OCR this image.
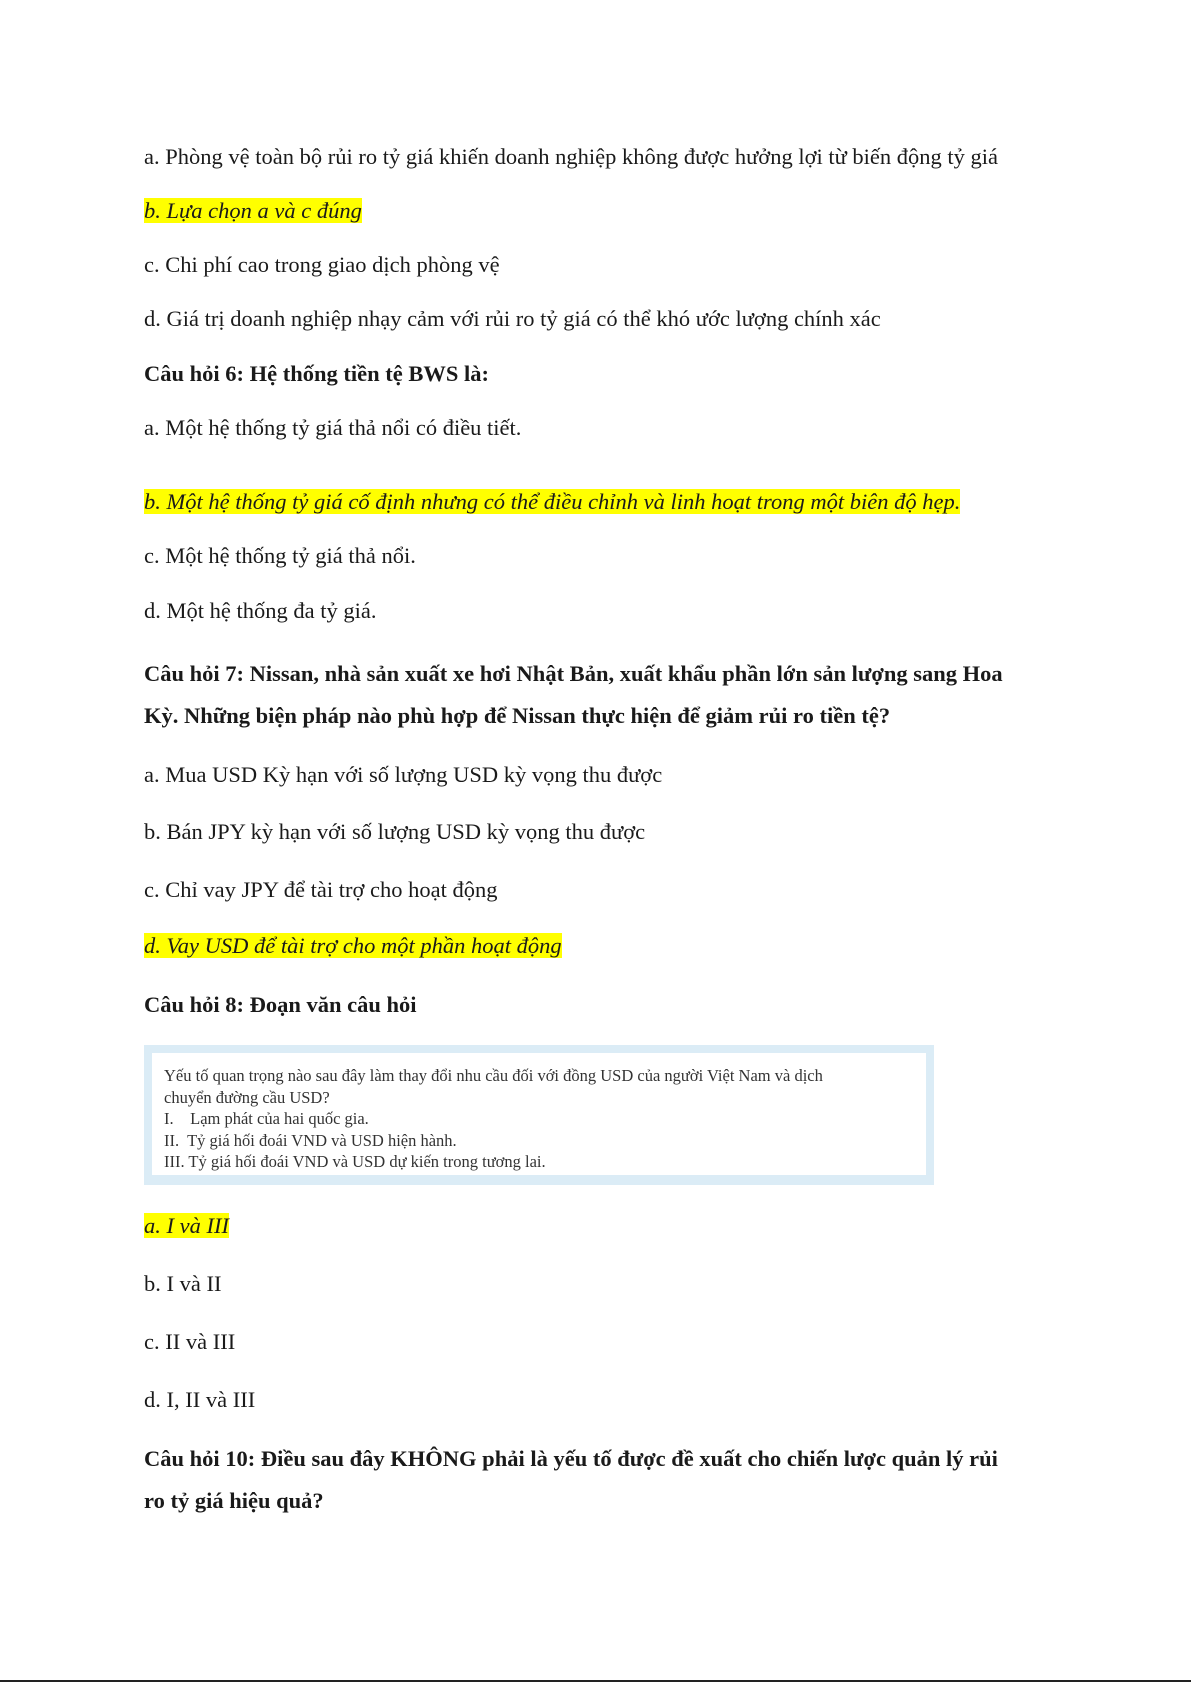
a. Phòng vệ toàn bộ rủi ro tỷ giá khiến doanh nghiệp không được hưởng lợi từ biến động tỷ giá
b. Lựa chọn a và c đúng
c. Chi phí cao trong giao dịch phòng vệ
d. Giá trị doanh nghiệp nhạy cảm với rủi ro tỷ giá có thể khó ước lượng chính xác
Câu hỏi 6: Hệ thống tiền tệ BWS là:
a. Một hệ thống tỷ giá thả nổi có điều tiết.
b. Một hệ thống tỷ giá cố định nhưng có thể điều chỉnh và linh hoạt trong một biên độ hẹp.
c. Một hệ thống tỷ giá thả nổi.
d. Một hệ thống đa tỷ giá.
Câu hỏi 7: Nissan, nhà sản xuất xe hơi Nhật Bản, xuất khẩu phần lớn sản lượng sang Hoa
Kỳ. Những biện pháp nào phù hợp để Nissan thực hiện để giảm rủi ro tiền tệ?
a. Mua USD Kỳ hạn với số lượng USD kỳ vọng thu được
b. Bán JPY kỳ hạn với số lượng USD kỳ vọng thu được
c. Chỉ vay JPY để tài trợ cho hoạt động
d. Vay USD để tài trợ cho một phần hoạt động
Câu hỏi 8: Đoạn văn câu hỏi
Yếu tố quan trọng nào sau đây làm thay đổi nhu cầu đối với đồng USD của người Việt Nam và dịch
chuyển đường cầu USD?
I.    Lạm phát của hai quốc gia.
II.  Tỷ giá hối đoái VND và USD hiện hành.
III. Tỷ giá hối đoái VND và USD dự kiến trong tương lai.
a. I và III
b. I và II
c. II và III
d. I, II và III
Câu hỏi 10: Điều sau đây KHÔNG phải là yếu tố được đề xuất cho chiến lược quản lý rủi
ro tỷ giá hiệu quả?
